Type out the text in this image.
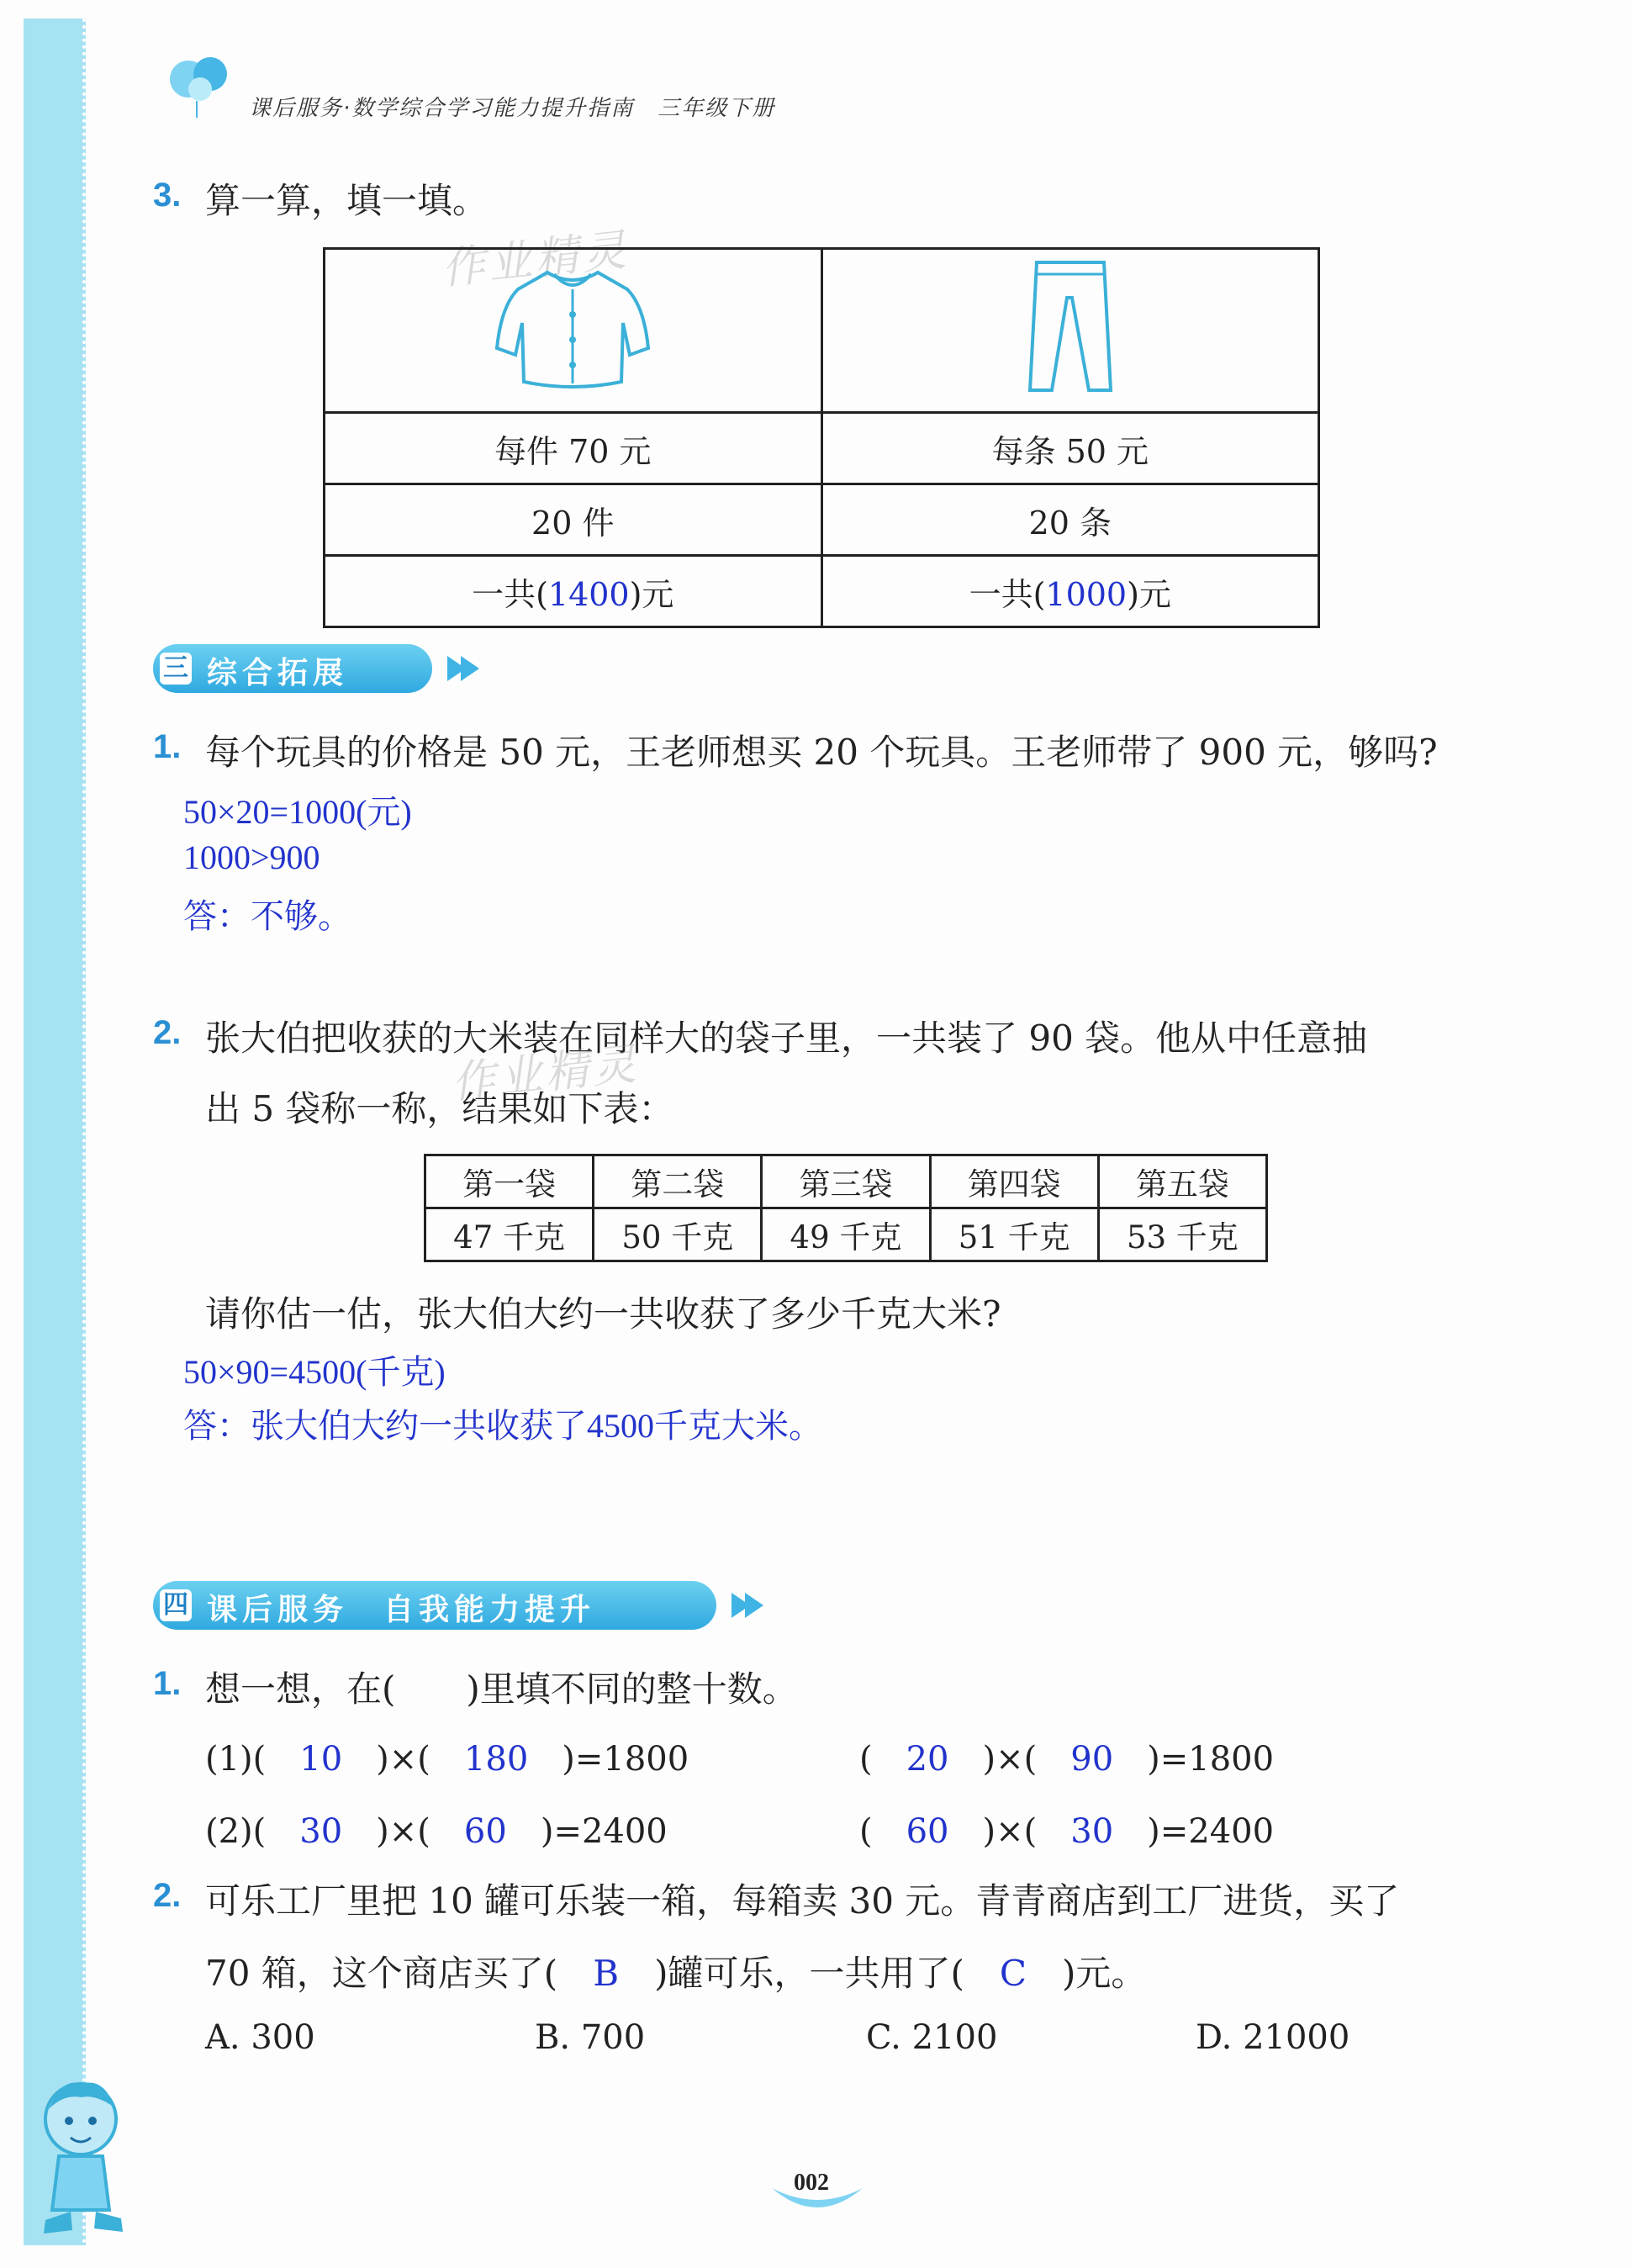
课后服务·数学综合学习能力提升指南　三年级下册
3. 算一算，填一填。
作业精灵

每件 70 元	每条 50 元
20 件	20 条
一共(1400)元	一共(1000)元
三 综合拓展
1. 每个玩具的价格是 50 元，王老师想买 20 个玩具。王老师带了 900 元，够吗?
50×20=1000(元)
1000>900
答：不够。
2. 张大伯把收获的大米装在同样大的袋子里，一共装了 90 袋。他从中任意抽
出 5 袋称一称，结果如下表：
作业精灵
第一袋	第二袋	第三袋	第四袋	第五袋
47 千克	50 千克	49 千克	51 千克	53 千克
请你估一估，张大伯大约一共收获了多少千克大米?
50×90=4500(千克)
答：张大伯大约一共收获了4500千克大米。
四 课后服务　自我能力提升
1. 想一想，在(　　)里填不同的整十数。
(1)(　10　)×(　180　)=1800	(　20　)×(　90　)=1800
(2)(　30　)×(　60　)=2400	(　60　)×(　30　)=2400
2. 可乐工厂里把 10 罐可乐装一箱，每箱卖 30 元。青青商店到工厂进货，买了
70 箱，这个商店买了(　 B　 )罐可乐，一共用了(　 C　 )元。
A. 300	B. 700	C. 2100	D. 21000
002
